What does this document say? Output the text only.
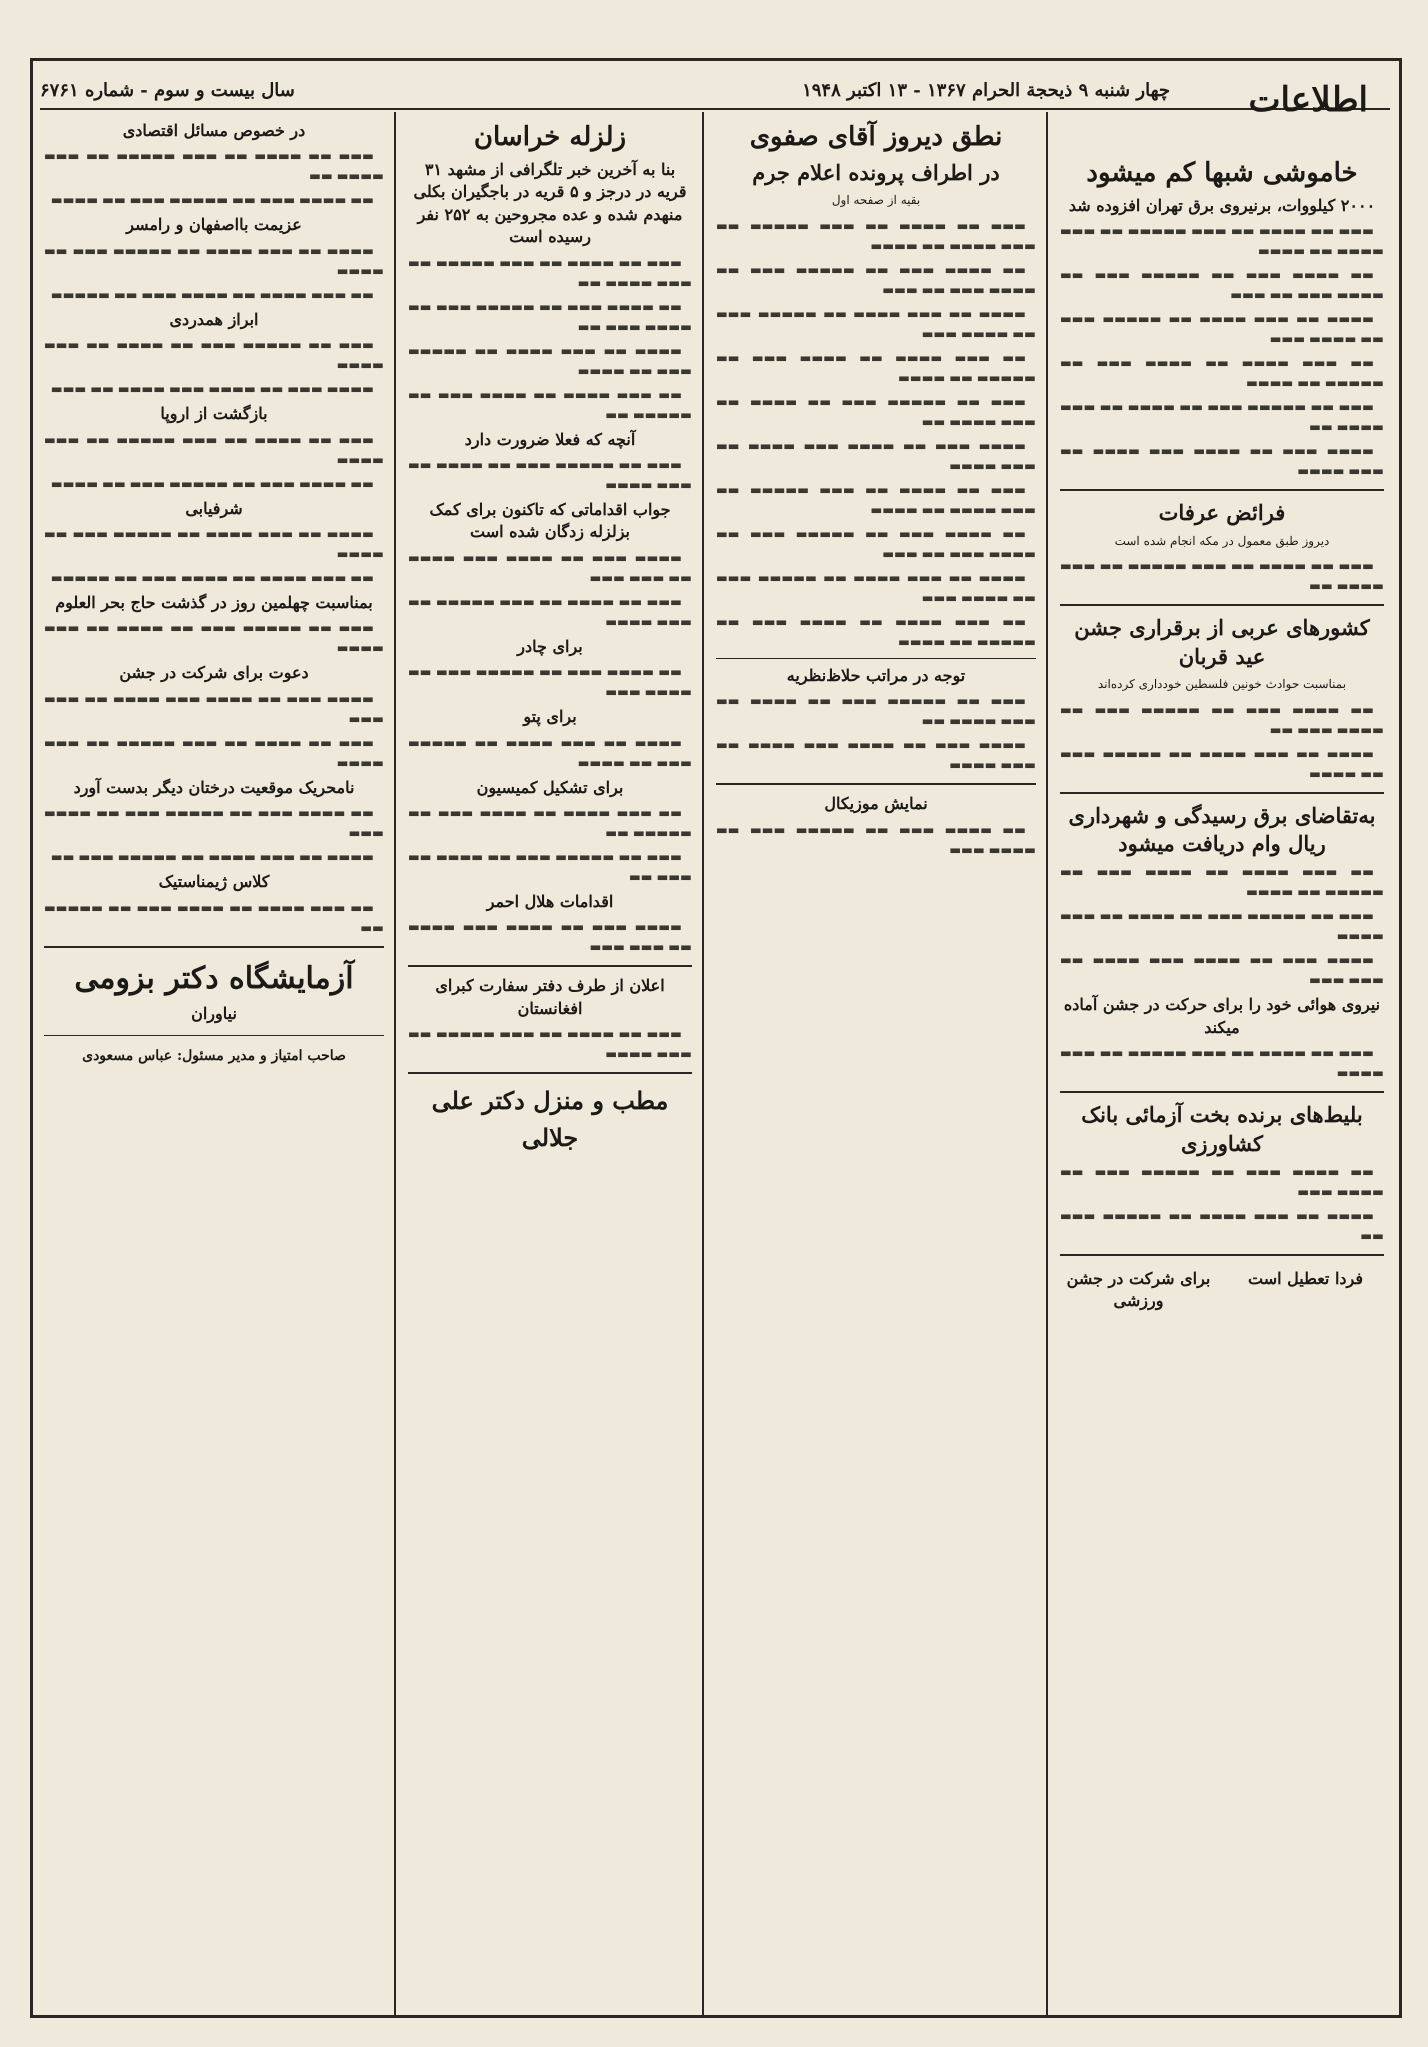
سال بیست و سوم - شماره ۶۷۶۱	چهار شنبه ۹ ذیحجة الحرام ۱۳۶۷ - ۱۳ اکتبر ۱۹۴۸ اطلاعات
خاموشی شبها کم میشود
۲۰۰۰ کیلووات، برنیروی برق تهران افزوده شد

▬▬▬ ▬▬ ▬▬▬▬ ▬▬ ▬▬▬ ▬▬▬▬▬ ▬▬ ▬▬▬ ▬▬▬▬ ▬▬ ▬▬▬▬

▬▬ ▬▬▬▬ ▬▬▬ ▬▬ ▬▬▬▬▬ ▬▬▬ ▬▬ ▬▬▬▬ ▬▬▬ ▬▬ ▬▬▬

▬▬▬▬ ▬▬ ▬▬▬ ▬▬▬▬ ▬▬ ▬▬▬▬▬ ▬▬▬ ▬▬ ▬▬▬▬ ▬▬▬

▬▬ ▬▬▬ ▬▬▬▬ ▬▬ ▬▬▬▬ ▬▬▬ ▬▬ ▬▬▬▬▬ ▬▬ ▬▬▬▬

▬▬▬ ▬▬ ▬▬▬▬▬ ▬▬▬ ▬▬ ▬▬▬▬ ▬▬ ▬▬▬ ▬▬▬▬ ▬▬

▬▬▬▬ ▬▬▬ ▬▬ ▬▬▬▬ ▬▬▬ ▬▬▬▬ ▬▬ ▬▬▬ ▬▬▬▬

فرائض عرفات
دیروز طبق معمول در مکه انجام شده است

▬▬▬ ▬▬ ▬▬▬▬ ▬▬ ▬▬▬ ▬▬▬▬▬ ▬▬ ▬▬▬ ▬▬▬▬ ▬▬

کشورهای عربی از برقراری جشن عید قربان
بمناسبت حوادث خونین فلسطین خودداری کرده‌اند

▬▬ ▬▬▬▬ ▬▬▬ ▬▬ ▬▬▬▬▬ ▬▬▬ ▬▬ ▬▬▬▬ ▬▬▬ ▬▬

▬▬▬▬ ▬▬ ▬▬▬ ▬▬▬▬ ▬▬ ▬▬▬▬▬ ▬▬▬ ▬▬ ▬▬▬▬

به‌تقاضای برق رسیدگی و شهرداری ریال وام دریافت میشود

▬▬ ▬▬▬ ▬▬▬▬ ▬▬ ▬▬▬▬ ▬▬▬ ▬▬ ▬▬▬▬▬ ▬▬ ▬▬▬▬

▬▬▬ ▬▬ ▬▬▬▬▬ ▬▬▬ ▬▬ ▬▬▬▬ ▬▬ ▬▬▬ ▬▬▬▬

▬▬▬▬ ▬▬▬ ▬▬ ▬▬▬▬ ▬▬▬ ▬▬▬▬ ▬▬ ▬▬▬ ▬▬▬

نیروی هوائی خود را برای حرکت در جشن آماده میکند

▬▬▬ ▬▬ ▬▬▬▬ ▬▬ ▬▬▬ ▬▬▬▬▬ ▬▬ ▬▬▬ ▬▬▬▬

بلیط‌های برنده بخت آزمائی بانک کشاورزی

▬▬ ▬▬▬▬ ▬▬▬ ▬▬ ▬▬▬▬▬ ▬▬▬ ▬▬ ▬▬▬▬ ▬▬▬

▬▬▬▬ ▬▬ ▬▬▬ ▬▬▬▬ ▬▬ ▬▬▬▬▬ ▬▬▬ ▬▬

فردا تعطیل است
برای شرکت در جشن ورزشی
نطق دیروز آقای صفوی
در اطراف پرونده اعلام جرم
بقیه از صفحه اول

▬▬▬ ▬▬ ▬▬▬▬ ▬▬ ▬▬▬ ▬▬▬▬▬ ▬▬ ▬▬▬ ▬▬▬▬ ▬▬ ▬▬▬▬

▬▬ ▬▬▬▬ ▬▬▬ ▬▬ ▬▬▬▬▬ ▬▬▬ ▬▬ ▬▬▬▬ ▬▬▬ ▬▬ ▬▬▬

▬▬▬▬ ▬▬ ▬▬▬ ▬▬▬▬ ▬▬ ▬▬▬▬▬ ▬▬▬ ▬▬ ▬▬▬▬ ▬▬▬

▬▬ ▬▬▬ ▬▬▬▬ ▬▬ ▬▬▬▬ ▬▬▬ ▬▬ ▬▬▬▬▬ ▬▬ ▬▬▬▬

▬▬▬ ▬▬ ▬▬▬▬▬ ▬▬▬ ▬▬ ▬▬▬▬ ▬▬ ▬▬▬ ▬▬▬▬ ▬▬

▬▬▬▬ ▬▬▬ ▬▬ ▬▬▬▬ ▬▬▬ ▬▬▬▬ ▬▬ ▬▬▬ ▬▬▬▬

▬▬▬ ▬▬ ▬▬▬▬ ▬▬ ▬▬▬ ▬▬▬▬▬ ▬▬ ▬▬▬ ▬▬▬▬ ▬▬ ▬▬▬▬

▬▬ ▬▬▬▬ ▬▬▬ ▬▬ ▬▬▬▬▬ ▬▬▬ ▬▬ ▬▬▬▬ ▬▬▬ ▬▬ ▬▬▬

▬▬▬▬ ▬▬ ▬▬▬ ▬▬▬▬ ▬▬ ▬▬▬▬▬ ▬▬▬ ▬▬ ▬▬▬▬ ▬▬▬

▬▬ ▬▬▬ ▬▬▬▬ ▬▬ ▬▬▬▬ ▬▬▬ ▬▬ ▬▬▬▬▬ ▬▬ ▬▬▬▬

توجه در مراتب حلاظ‌نظریه

▬▬▬ ▬▬ ▬▬▬▬▬ ▬▬▬ ▬▬ ▬▬▬▬ ▬▬ ▬▬▬ ▬▬▬▬ ▬▬

▬▬▬▬ ▬▬▬ ▬▬ ▬▬▬▬ ▬▬▬ ▬▬▬▬ ▬▬ ▬▬▬ ▬▬▬▬

نمایش موزیکال

▬▬ ▬▬▬▬ ▬▬▬ ▬▬ ▬▬▬▬▬ ▬▬▬ ▬▬ ▬▬▬▬ ▬▬▬

زلزله خراسان
بنا به آخرین خبر تلگرافی از مشهد ۳۱ قریه در درجز و ۵ قریه در باجگیران بکلی منهدم شده و عده مجروحین به ۲۵۲ نفر رسیده است

▬▬▬ ▬▬ ▬▬▬▬ ▬▬ ▬▬▬ ▬▬▬▬▬ ▬▬ ▬▬▬ ▬▬▬▬ ▬▬

▬▬ ▬▬▬▬ ▬▬▬ ▬▬ ▬▬▬▬▬ ▬▬▬ ▬▬ ▬▬▬▬ ▬▬▬ ▬▬

▬▬▬▬ ▬▬ ▬▬▬ ▬▬▬▬ ▬▬ ▬▬▬▬▬ ▬▬▬ ▬▬ ▬▬▬▬

▬▬ ▬▬▬ ▬▬▬▬ ▬▬ ▬▬▬▬ ▬▬▬ ▬▬ ▬▬▬▬▬ ▬▬

آنچه که فعلا ضرورت دارد

▬▬▬ ▬▬ ▬▬▬▬▬ ▬▬▬ ▬▬ ▬▬▬▬ ▬▬ ▬▬▬ ▬▬▬▬

جواب اقداماتی که تاکنون برای کمک بزلزله زدگان شده است

▬▬▬▬ ▬▬▬ ▬▬ ▬▬▬▬ ▬▬▬ ▬▬▬▬ ▬▬ ▬▬▬ ▬▬▬

▬▬▬ ▬▬ ▬▬▬▬ ▬▬ ▬▬▬ ▬▬▬▬▬ ▬▬ ▬▬▬ ▬▬▬▬

برای چادر

▬▬ ▬▬▬▬ ▬▬▬ ▬▬ ▬▬▬▬▬ ▬▬▬ ▬▬ ▬▬▬▬ ▬▬▬

برای پتو

▬▬▬▬ ▬▬ ▬▬▬ ▬▬▬▬ ▬▬ ▬▬▬▬▬ ▬▬▬ ▬▬ ▬▬▬▬

برای تشکیل کمیسیون

▬▬ ▬▬▬ ▬▬▬▬ ▬▬ ▬▬▬▬ ▬▬▬ ▬▬ ▬▬▬▬▬ ▬▬

▬▬▬ ▬▬ ▬▬▬▬▬ ▬▬▬ ▬▬ ▬▬▬▬ ▬▬ ▬▬▬ ▬▬

اقدامات هلال احمر

▬▬▬▬ ▬▬▬ ▬▬ ▬▬▬▬ ▬▬▬ ▬▬▬▬ ▬▬ ▬▬▬ ▬▬▬

اعلان از طرف دفتر سفارت کبرای افغانستان

▬▬▬ ▬▬ ▬▬▬▬ ▬▬ ▬▬▬ ▬▬▬▬▬ ▬▬ ▬▬▬ ▬▬▬▬

مطب و منزل دکتر علی جلالی
در خصوص مسائل اقتصادی

▬▬▬ ▬▬ ▬▬▬▬ ▬▬ ▬▬▬ ▬▬▬▬▬ ▬▬ ▬▬▬ ▬▬▬▬ ▬▬

▬▬ ▬▬▬▬ ▬▬▬ ▬▬ ▬▬▬▬▬ ▬▬▬ ▬▬ ▬▬▬▬

عزیمت بااصفهان و رامسر

▬▬▬▬ ▬▬ ▬▬▬ ▬▬▬▬ ▬▬ ▬▬▬▬▬ ▬▬▬ ▬▬ ▬▬▬▬

▬▬ ▬▬▬ ▬▬▬▬ ▬▬ ▬▬▬▬ ▬▬▬ ▬▬ ▬▬▬▬▬

ابراز همدردی

▬▬▬ ▬▬ ▬▬▬▬▬ ▬▬▬ ▬▬ ▬▬▬▬ ▬▬ ▬▬▬ ▬▬▬▬

▬▬▬▬ ▬▬▬ ▬▬ ▬▬▬▬ ▬▬▬ ▬▬▬▬ ▬▬ ▬▬▬

بازگشت از اروپا

▬▬▬ ▬▬ ▬▬▬▬ ▬▬ ▬▬▬ ▬▬▬▬▬ ▬▬ ▬▬▬ ▬▬▬▬

▬▬ ▬▬▬▬ ▬▬▬ ▬▬ ▬▬▬▬▬ ▬▬▬ ▬▬ ▬▬▬▬

شرفیابی

▬▬▬▬ ▬▬ ▬▬▬ ▬▬▬▬ ▬▬ ▬▬▬▬▬ ▬▬▬ ▬▬ ▬▬▬▬

▬▬ ▬▬▬ ▬▬▬▬ ▬▬ ▬▬▬▬ ▬▬▬ ▬▬ ▬▬▬▬▬

بمناسبت چهلمین روز در گذشت حاج بحر العلوم

▬▬▬ ▬▬ ▬▬▬▬▬ ▬▬▬ ▬▬ ▬▬▬▬ ▬▬ ▬▬▬ ▬▬▬▬

دعوت برای شرکت در جشن

▬▬▬▬ ▬▬▬ ▬▬ ▬▬▬▬ ▬▬▬ ▬▬▬▬ ▬▬ ▬▬▬ ▬▬▬

▬▬▬ ▬▬ ▬▬▬▬ ▬▬ ▬▬▬ ▬▬▬▬▬ ▬▬ ▬▬▬ ▬▬▬▬

نامحریک موقعیت درختان دیگر بدست آورد

▬▬ ▬▬▬▬ ▬▬▬ ▬▬ ▬▬▬▬▬ ▬▬▬ ▬▬ ▬▬▬▬ ▬▬▬

▬▬▬▬ ▬▬ ▬▬▬ ▬▬▬▬ ▬▬ ▬▬▬▬▬ ▬▬▬ ▬▬

کلاس ژیمناستیک

▬▬ ▬▬▬ ▬▬▬▬ ▬▬ ▬▬▬▬ ▬▬▬ ▬▬ ▬▬▬▬▬ ▬▬

آزمایشگاه دکتر بزومی
نیاوران
صاحب امتیاز و مدیر مسئول: عباس مسعودی
